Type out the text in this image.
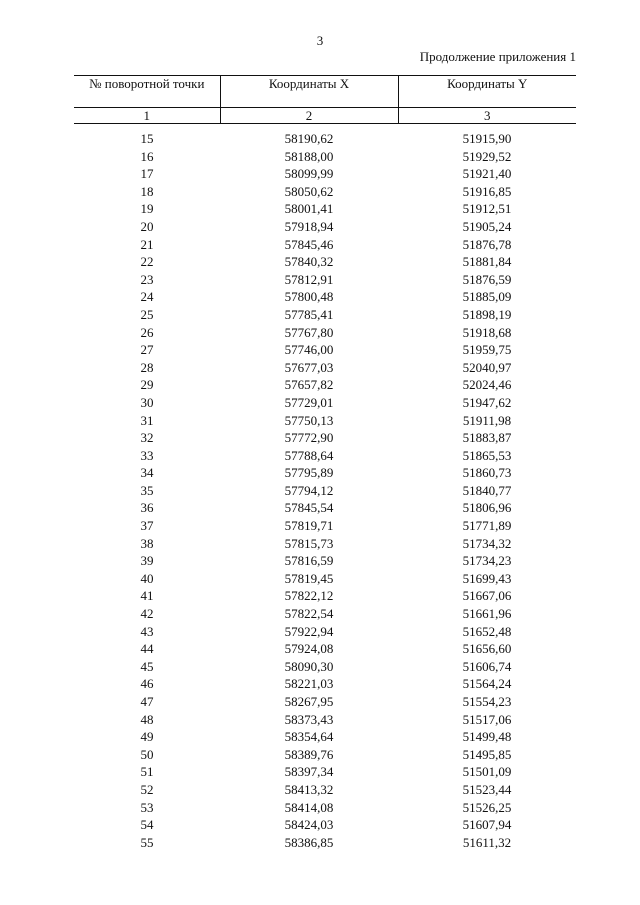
3
Продолжение приложения 1
№ поворотной точки	Координаты X	Координаты Y
1	2	3
15	58190,62	51915,90
16	58188,00	51929,52
17	58099,99	51921,40
18	58050,62	51916,85
19	58001,41	51912,51
20	57918,94	51905,24
21	57845,46	51876,78
22	57840,32	51881,84
23	57812,91	51876,59
24	57800,48	51885,09
25	57785,41	51898,19
26	57767,80	51918,68
27	57746,00	51959,75
28	57677,03	52040,97
29	57657,82	52024,46
30	57729,01	51947,62
31	57750,13	51911,98
32	57772,90	51883,87
33	57788,64	51865,53
34	57795,89	51860,73
35	57794,12	51840,77
36	57845,54	51806,96
37	57819,71	51771,89
38	57815,73	51734,32
39	57816,59	51734,23
40	57819,45	51699,43
41	57822,12	51667,06
42	57822,54	51661,96
43	57922,94	51652,48
44	57924,08	51656,60
45	58090,30	51606,74
46	58221,03	51564,24
47	58267,95	51554,23
48	58373,43	51517,06
49	58354,64	51499,48
50	58389,76	51495,85
51	58397,34	51501,09
52	58413,32	51523,44
53	58414,08	51526,25
54	58424,03	51607,94
55	58386,85	51611,32
